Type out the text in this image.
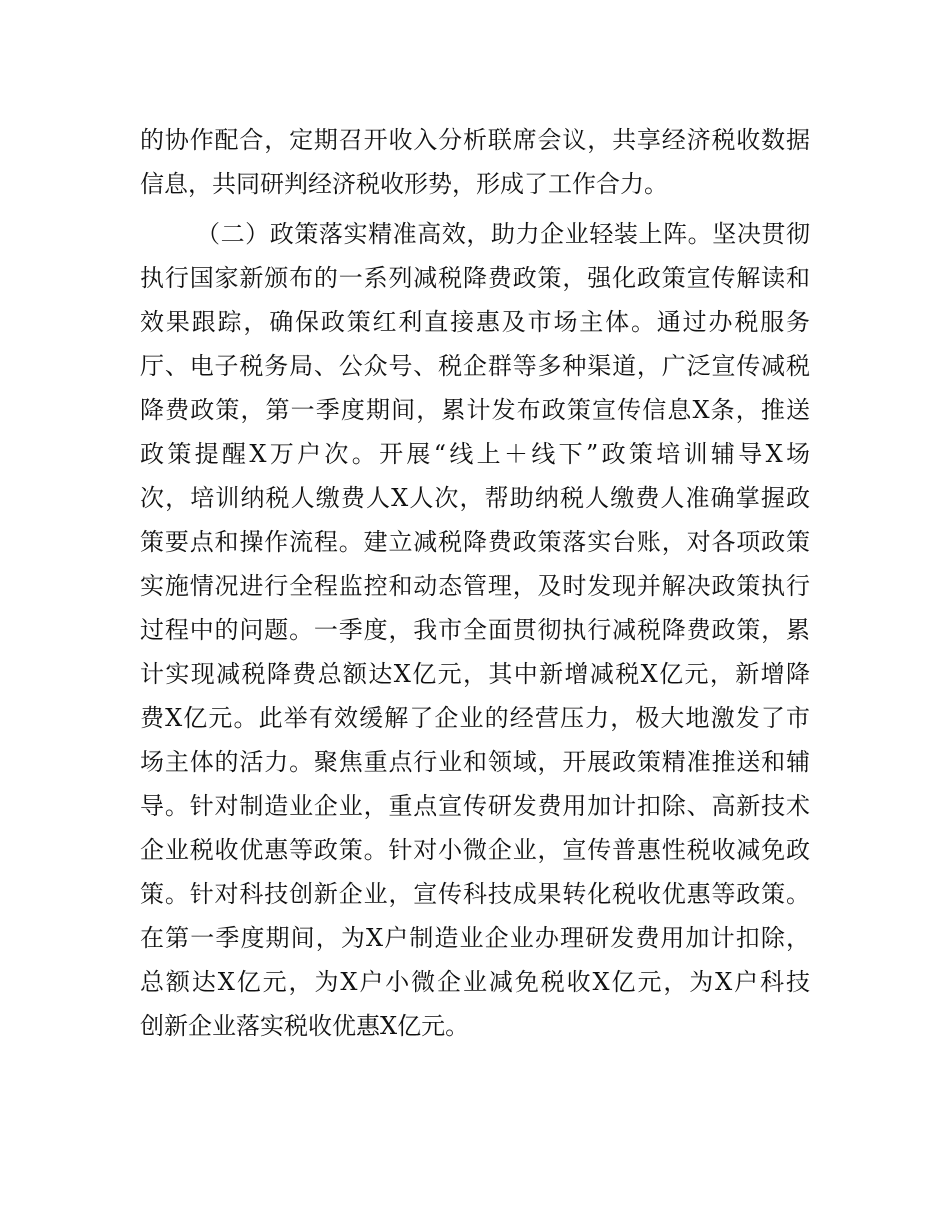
的协作配合，定期召开收入分析联席会议，共享经济税收数据
信息，共同研判经济税收形势，形成了工作合力。
（二）政策落实精准高效，助力企业轻装上阵。坚决贯彻
执行国家新颁布的一系列减税降费政策，强化政策宣传解读和
效果跟踪，确保政策红利直接惠及市场主体。通过办税服务
厅、电子税务局、公众号、税企群等多种渠道，广泛宣传减税
降费政策，第一季度期间，累计发布政策宣传信息X条，推送
政策提醒X万户次。开展“线上＋线下”政策培训辅导X场
次，培训纳税人缴费人X人次，帮助纳税人缴费人准确掌握政
策要点和操作流程。建立减税降费政策落实台账，对各项政策
实施情况进行全程监控和动态管理，及时发现并解决政策执行
过程中的问题。一季度，我市全面贯彻执行减税降费政策，累
计实现减税降费总额达X亿元，其中新增减税X亿元，新增降
费X亿元。此举有效缓解了企业的经营压力，极大地激发了市
场主体的活力。聚焦重点行业和领域，开展政策精准推送和辅
导。针对制造业企业，重点宣传研发费用加计扣除、高新技术
企业税收优惠等政策。针对小微企业，宣传普惠性税收减免政
策。针对科技创新企业，宣传科技成果转化税收优惠等政策。
在第一季度期间，为X户制造业企业办理研发费用加计扣除，
总额达X亿元，为X户小微企业减免税收X亿元，为X户科技
创新企业落实税收优惠X亿元。
